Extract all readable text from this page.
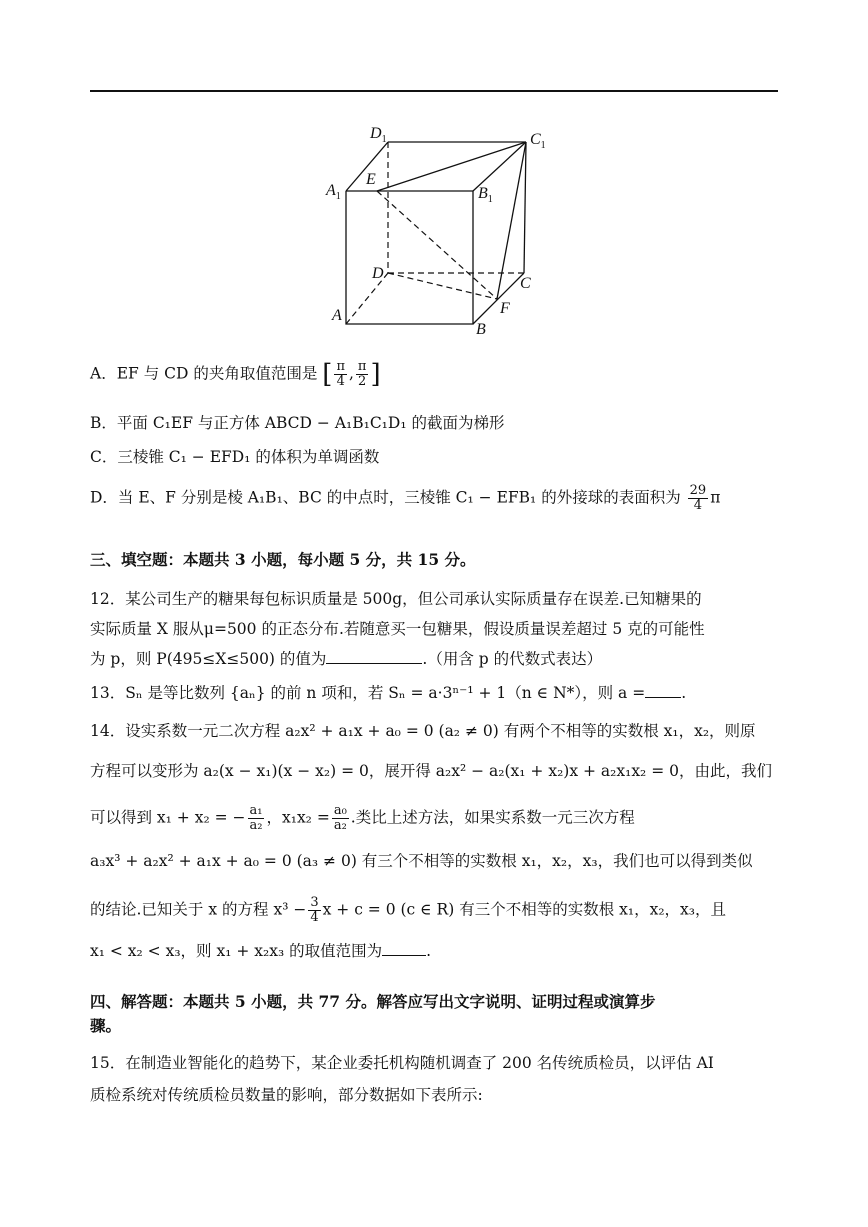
$D_1$	$C_1$
$A_1$
E
$B_1$
D
C
F
A
B
A．EF 与 CD 的夹角取值范围是 [ $\frac{\pi}{4}$ , $\frac{\pi}{2}$ ]
B．平面 C₁EF 与正方体 ABCD − A₁B₁C₁D₁ 的截面为梯形
C．三棱锥 C₁ − EFD₁ 的体积为单调函数
D．当 E、F 分别是棱 A₁B₁、BC 的中点时，三棱锥 C₁ − EFB₁ 的外接球的表面积为 $\frac{29}{4}$ π
三、填空题：本题共 3 小题，每小题 5 分，共 15 分。
12．某公司生产的糖果每包标识质量是 500g，但公司承认实际质量存在误差.已知糖果的
实际质量 X 服从μ=500 的正态分布.若随意买一包糖果，假设质量误差超过 5 克的可能性
为 p，则 P(495≤X≤500) 的值为	.（用含 p 的代数式表达）
13．Sₙ 是等比数列 {aₙ} 的前 n 项和，若 Sₙ = a·3ⁿ⁻¹ + 1（n ∈ N*），则 a = .
14．设实系数一元二次方程 a₂x² + a₁x + a₀ = 0 (a₂ ≠ 0) 有两个不相等的实数根 x₁，x₂，则原
方程可以变形为 a₂(x − x₁)(x − x₂) = 0，展开得 a₂x² − a₂(x₁ + x₂)x + a₂x₁x₂ = 0，由此，我们
可以得到 x₁ + x₂ = − $\frac{\text{a₁}}{\text{a₂}}$ ，$x_1x_2 = \frac{\text{a₀}}{\text{a₂}}$ .类比上述方法，如果实系数一元三次方程
a₃x³ + a₂x² + a₁x + a₀ = 0 (a₃ ≠ 0) 有三个不相等的实数根 x₁，x₂，x₃，我们也可以得到类似
的结论.已知关于 x 的方程 $x^3 - \frac{3}{4}$ x + c = 0 (c ∈ R) 有三个不相等的实数根 x₁，x₂，x₃，且
x₁ < x₂ < x₃，则 x₁ + x₂x₃ 的取值范围为	.
四、解答题：本题共 5 小题，共 77 分。解答应写出文字说明、证明过程或演算步
骤。
15．在制造业智能化的趋势下，某企业委托机构随机调查了 200 名传统质检员，以评估 AI
质检系统对传统质检员数量的影响，部分数据如下表所示:
